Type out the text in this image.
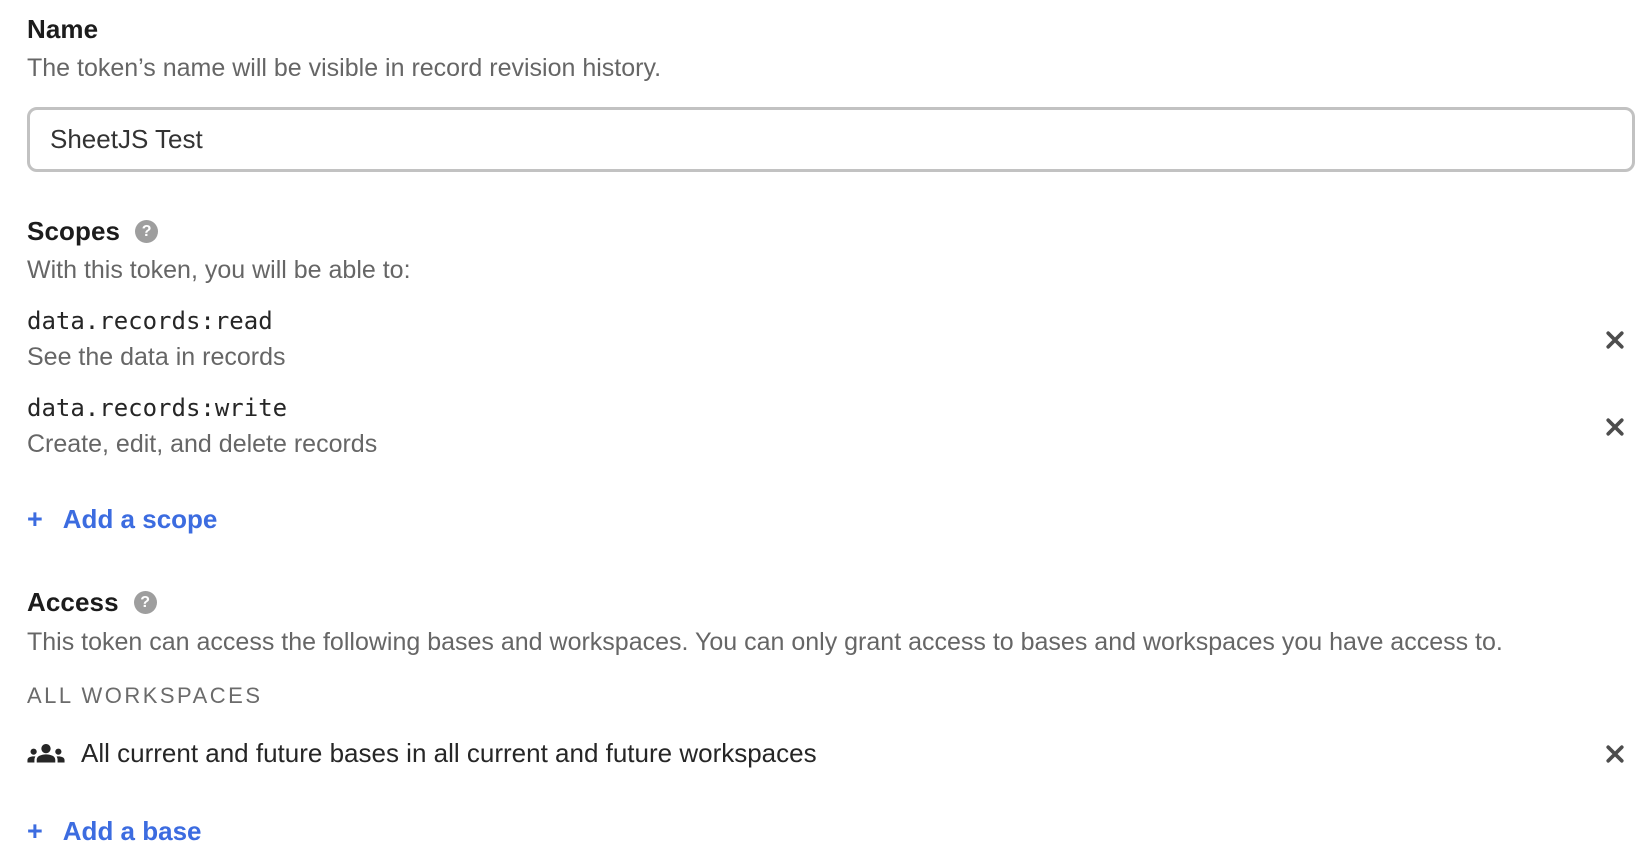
Name

The token’s name will be visible in record revision history.

SheetJS Test
Scopes	?

With this token, you will be able to:

data.records:read
See the data in records
data.records:write
Create, edit, and delete records
+ Add a scope
Access	?

This token can access the following bases and workspaces. You can only grant access to bases and workspaces you have access to.

ALL WORKSPACES
All current and future bases in all current and future workspaces
+ Add a base
